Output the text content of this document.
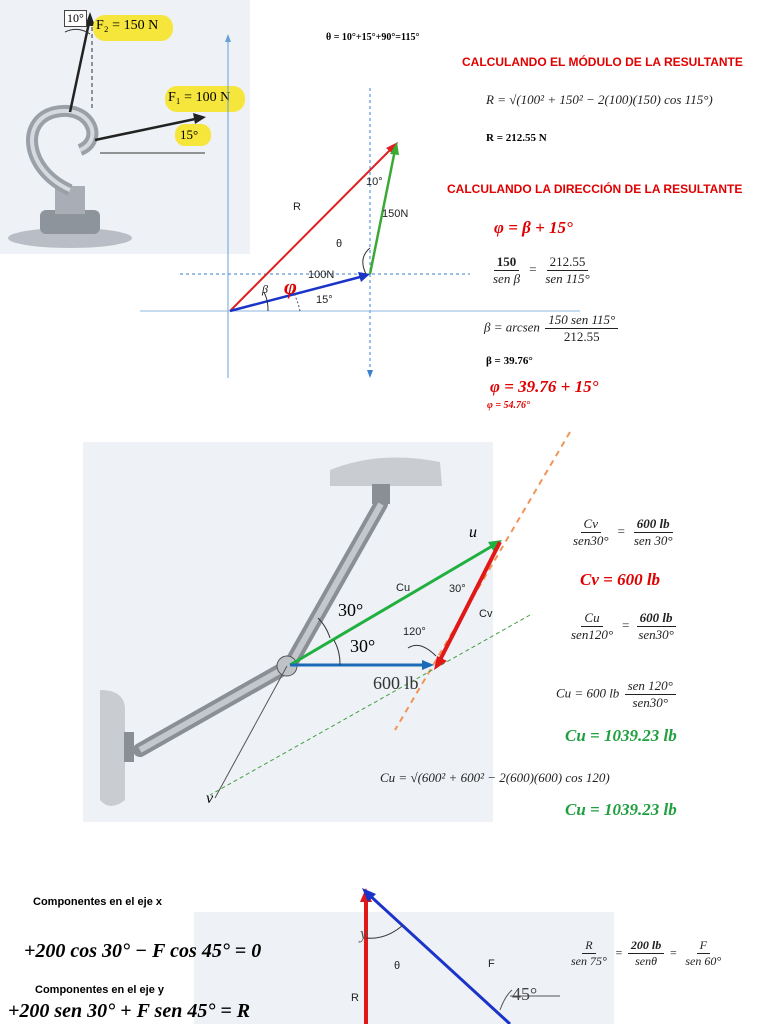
F₂ = 150 N
F₁ = 100 N
10°
15°
R
10°
150N
θ
100N
β φ
15°
θ = 10°+15°+90°=115°
CALCULANDO EL MÓDULO DE LA RESULTANTE
R = √(100² + 150² − 2(100)(150) cos 115°)
R = 212.55 N
CALCULANDO LA DIRECCIÓN DE LA RESULTANTE
φ = β + 15°
$\frac{150}{\text{sen β}} = \frac{212.55}{\text{sen 115°}}$
β = arcsen $\frac{\text{150 sen 115°}}{212.55}$
β = 39.76°
φ = 39.76 + 15°
φ = 54.76°
u
v
30°
30°
600 lb
Cu
Cv
30°
120°
$\frac{Cv}{\text{sen30°}} = \frac{600 lb}{\text{sen 30°}}$
Cv = 600 lb
$\frac{Cu}{\text{sen120°}} = \frac{600 lb}{\text{sen30°}}$
Cu = 600 lb $\frac{\text{sen 120°}}{\text{sen30°}}$
Cu = 1039.23 lb
Cu = √(600² + 600² − 2(600)(600) cos 120)
Cu = 1039.23 lb
Componentes en el eje x
+200 cos 30° − F cos 45° = 0
Componentes en el eje y
+200 sen 30° + F sen 45° = R
y
θ	F
R	45°
$\frac{R}{\text{sen 75°}} = \frac{200 lb}{\text{senθ}} = \frac{F}{\text{sen 60°}}$
